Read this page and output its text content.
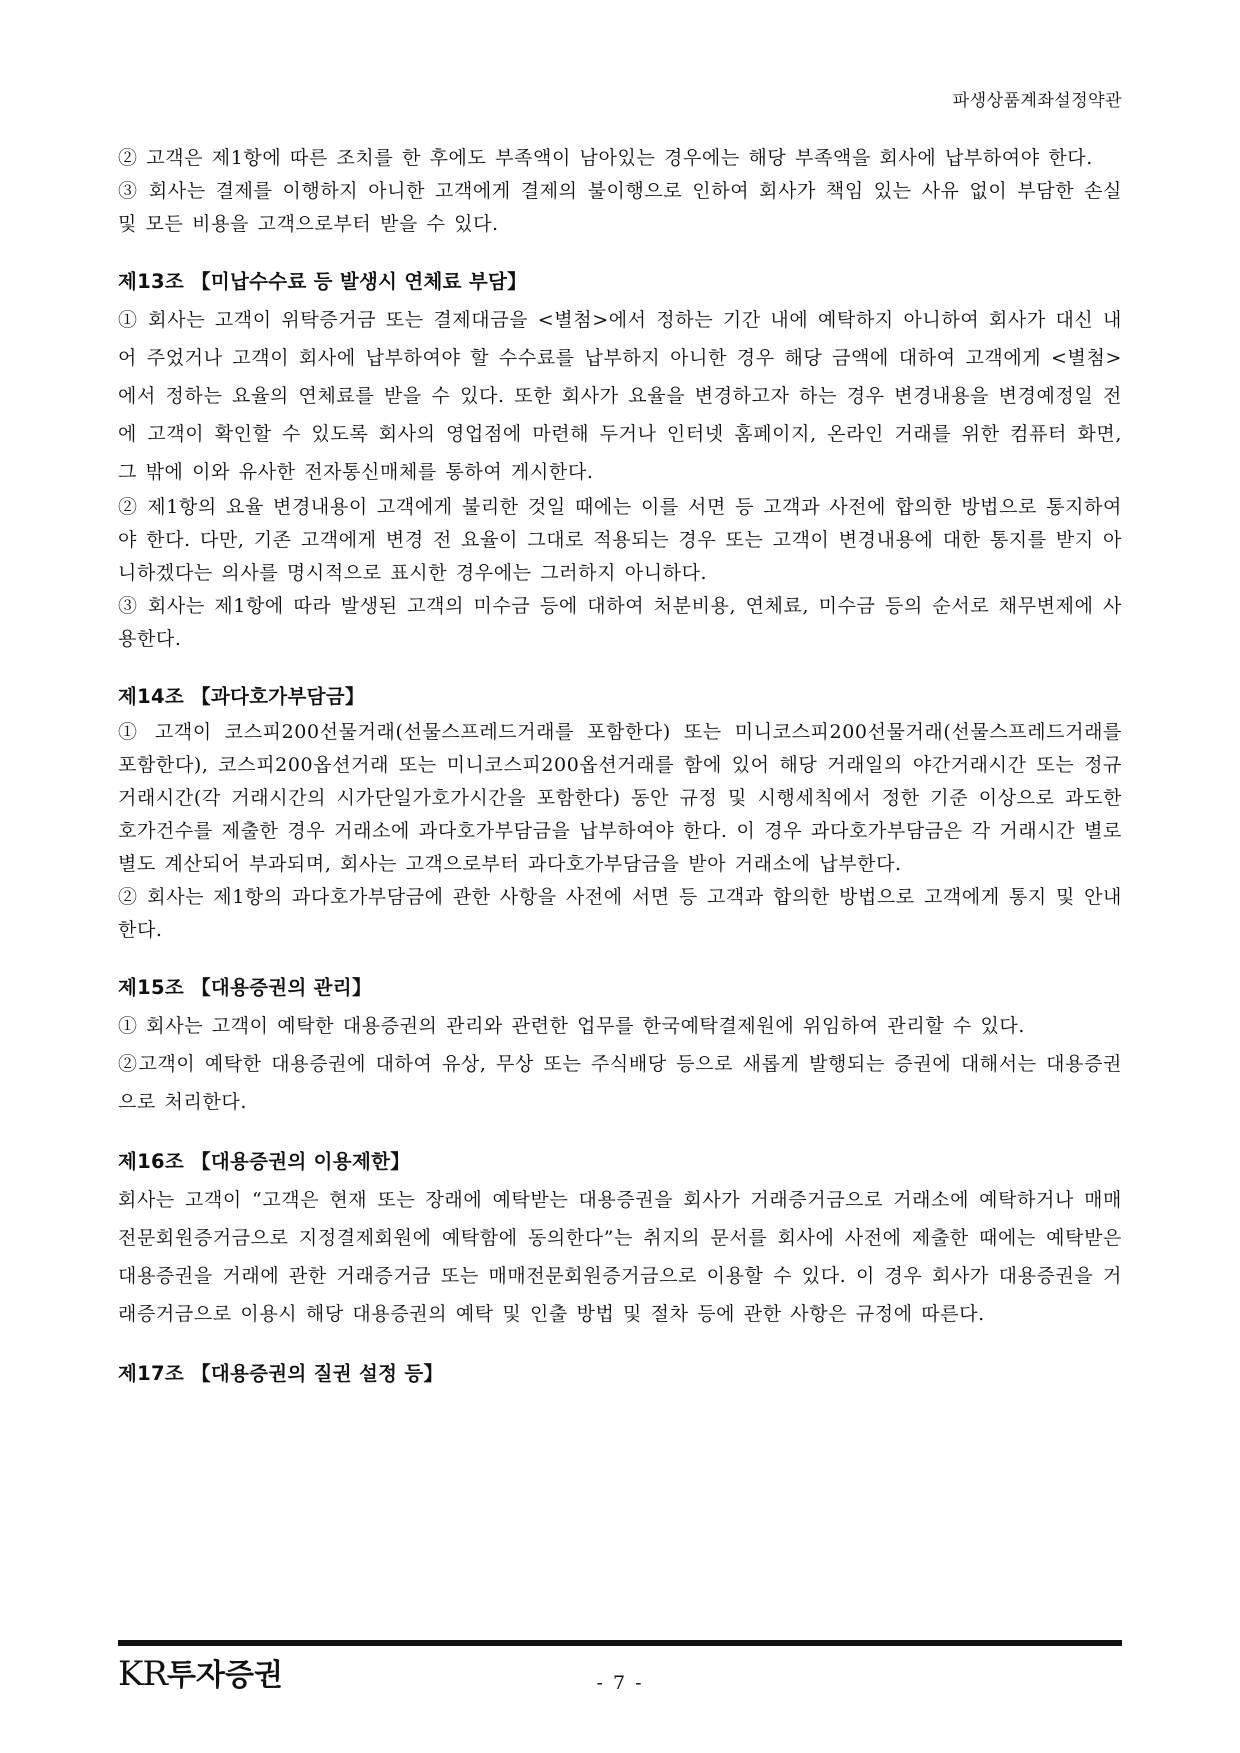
파생상품계좌설정약관

② 고객은 제1항에 따른 조치를 한 후에도 부족액이 남아있는 경우에는 해당 부족액을 회사에 납부하여야 한다.

③ 회사는 결제를 이행하지 아니한 고객에게 결제의 불이행으로 인하여 회사가 책임 있는 사유 없이 부담한 손실 및 모든 비용을 고객으로부터 받을 수 있다.

제13조 【미납수수료 등 발생시 연체료 부담】

① 회사는 고객이 위탁증거금 또는 결제대금을 <별첨>에서 정하는 기간 내에 예탁하지 아니하여 회사가 대신 내어 주었거나 고객이 회사에 납부하여야 할 수수료를 납부하지 아니한 경우 해당 금액에 대하여 고객에게 <별첨>에서 정하는 요율의 연체료를 받을 수 있다. 또한 회사가 요율을 변경하고자 하는 경우 변경내용을 변경예정일 전에 고객이 확인할 수 있도록 회사의 영업점에 마련해 두거나 인터넷 홈페이지, 온라인 거래를 위한 컴퓨터 화면, 그 밖에 이와 유사한 전자통신매체를 통하여 게시한다.

② 제1항의 요율 변경내용이 고객에게 불리한 것일 때에는 이를 서면 등 고객과 사전에 합의한 방법으로 통지하여야 한다. 다만, 기존 고객에게 변경 전 요율이 그대로 적용되는 경우 또는 고객이 변경내용에 대한 통지를 받지 아니하겠다는 의사를 명시적으로 표시한 경우에는 그러하지 아니하다.

③ 회사는 제1항에 따라 발생된 고객의 미수금 등에 대하여 처분비용, 연체료, 미수금 등의 순서로 채무변제에 사용한다.

제14조 【과다호가부담금】

① 고객이 코스피200선물거래(선물스프레드거래를 포함한다) 또는 미니코스피200선물거래(선물스프레드거래를 포함한다), 코스피200옵션거래 또는 미니코스피200옵션거래를 함에 있어 해당 거래일의 야간거래시간 또는 정규거래시간(각 거래시간의 시가단일가호가시간을 포함한다) 동안 규정 및 시행세칙에서 정한 기준 이상으로 과도한 호가건수를 제출한 경우 거래소에 과다호가부담금을 납부하여야 한다. 이 경우 과다호가부담금은 각 거래시간 별로 별도 계산되어 부과되며, 회사는 고객으로부터 과다호가부담금을 받아 거래소에 납부한다.

② 회사는 제1항의 과다호가부담금에 관한 사항을 사전에 서면 등 고객과 합의한 방법으로 고객에게 통지 및 안내한다.

제15조 【대용증권의 관리】

① 회사는 고객이 예탁한 대용증권의 관리와 관련한 업무를 한국예탁결제원에 위임하여 관리할 수 있다.

②고객이 예탁한 대용증권에 대하여 유상, 무상 또는 주식배당 등으로 새롭게 발행되는 증권에 대해서는 대용증권으로 처리한다.

제16조 【대용증권의 이용제한】

회사는 고객이 “고객은 현재 또는 장래에 예탁받는 대용증권을 회사가 거래증거금으로 거래소에 예탁하거나 매매전문회원증거금으로 지정결제회원에 예탁함에 동의한다”는 취지의 문서를 회사에 사전에 제출한 때에는 예탁받은 대용증권을 거래에 관한 거래증거금 또는 매매전문회원증거금으로 이용할 수 있다. 이 경우 회사가 대용증권을 거래증거금으로 이용시 해당 대용증권의 예탁 및 인출 방법 및 절차 등에 관한 사항은 규정에 따른다.

제17조 【대용증권의 질권 설정 등】
KR투자증권	- 7 -
